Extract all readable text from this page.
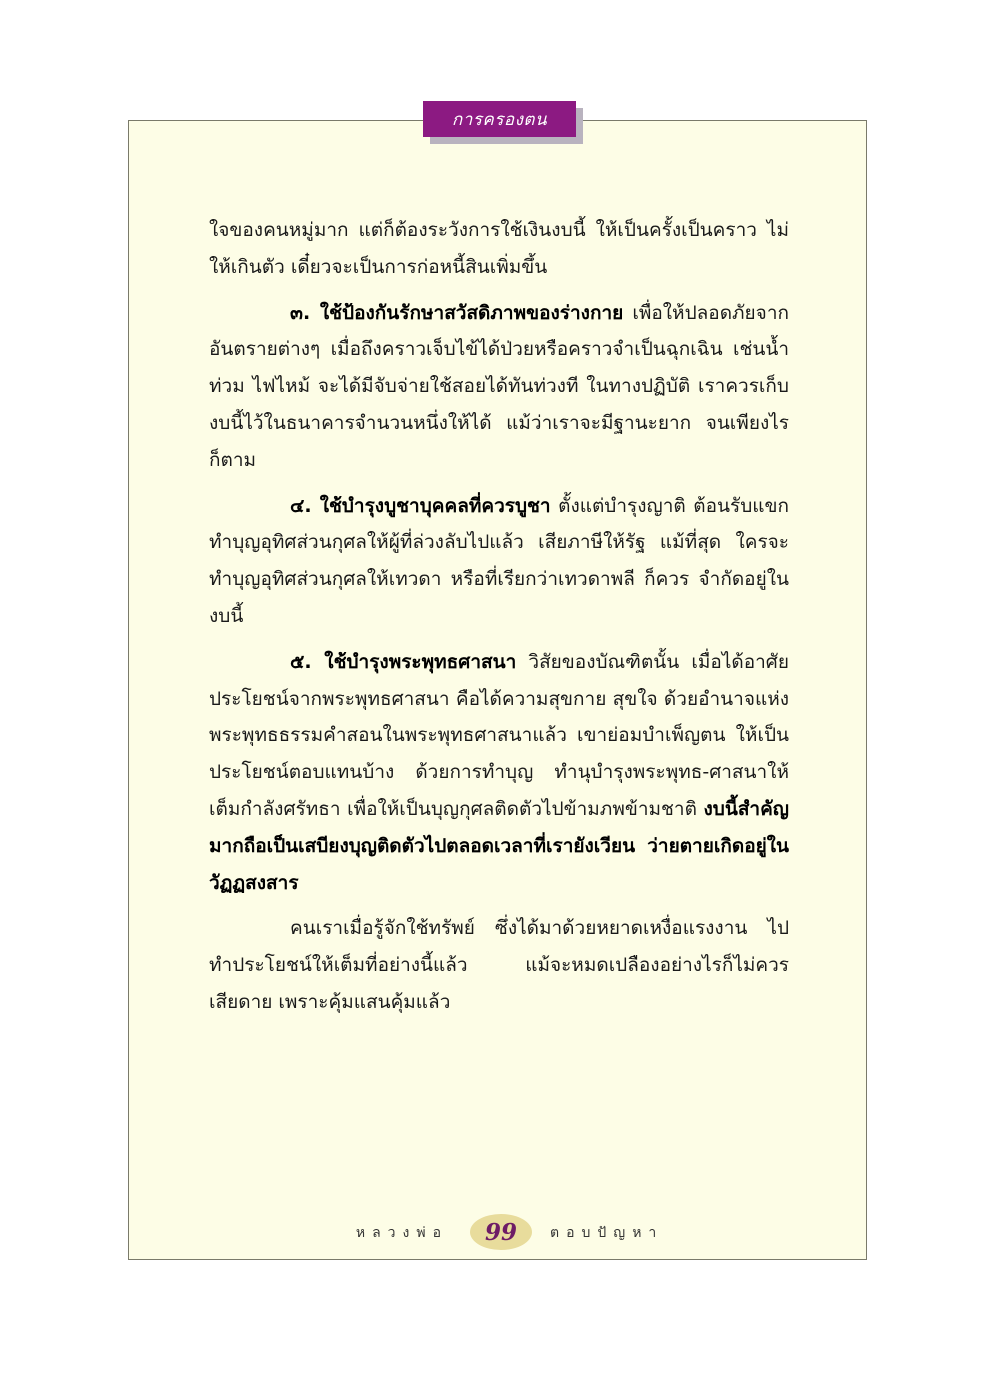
การครองตน

ใจของคนหมู่มาก แต่ก็ต้องระวังการใช้เงินงบนี้ ให้เป็นครั้งเป็นคราว ไม่ให้เกินตัว เดี๋ยวจะเป็นการก่อหนี้สินเพิ่มขึ้น

๓. ใช้ป้องกันรักษาสวัสดิภาพของร่างกาย เพื่อให้ปลอดภัยจากอันตรายต่างๆ เมื่อถึงคราวเจ็บไข้ได้ป่วยหรือคราวจำเป็นฉุกเฉิน เช่นน้ำท่วม ไฟไหม้ จะได้มีจับจ่ายใช้สอยได้ทันท่วงที ในทางปฏิบัติ เราควรเก็บงบนี้ไว้ในธนาคารจำนวนหนึ่งให้ได้ แม้ว่าเราจะมีฐานะยาก จนเพียงไรก็ตาม

๔. ใช้บำรุงบูชาบุคคลที่ควรบูชา ตั้งแต่บำรุงญาติ ต้อนรับแขก ทำบุญอุทิศส่วนกุศลให้ผู้ที่ล่วงลับไปแล้ว เสียภาษีให้รัฐ แม้ที่สุด ใครจะทำบุญอุทิศส่วนกุศลให้เทวดา หรือที่เรียกว่าเทวดาพลี ก็ควร จำกัดอยู่ในงบนี้

๕. ใช้บำรุงพระพุทธศาสนา วิสัยของบัณฑิตนั้น เมื่อได้อาศัยประโยชน์จากพระพุทธศาสนา คือได้ความสุขกาย สุขใจ ด้วยอำนาจแห่งพระพุทธธรรมคำสอนในพระพุทธศาสนาแล้ว เขาย่อมบำเพ็ญตน ให้เป็นประโยชน์ตอบแทนบ้าง ด้วยการทำบุญ ทำนุบำรุงพระพุทธ-ศาสนาให้เต็มกำลังศรัทธา เพื่อให้เป็นบุญกุศลติดตัวไปข้ามภพข้ามชาติ งบนี้สำคัญมากถือเป็นเสบียงบุญติดตัวไปตลอดเวลาที่เรายังเวียน ว่ายตายเกิดอยู่ในวัฏฏสงสาร

คนเราเมื่อรู้จักใช้ทรัพย์ ซึ่งได้มาด้วยหยาดเหงื่อแรงงาน ไป ทำประโยชน์ให้เต็มที่อย่างนี้แล้ว แม้จะหมดเปลืองอย่างไรก็ไม่ควร เสียดาย เพราะคุ้มแสนคุ้มแล้ว

หลวงพ่อ	99	ตอบปัญหา
